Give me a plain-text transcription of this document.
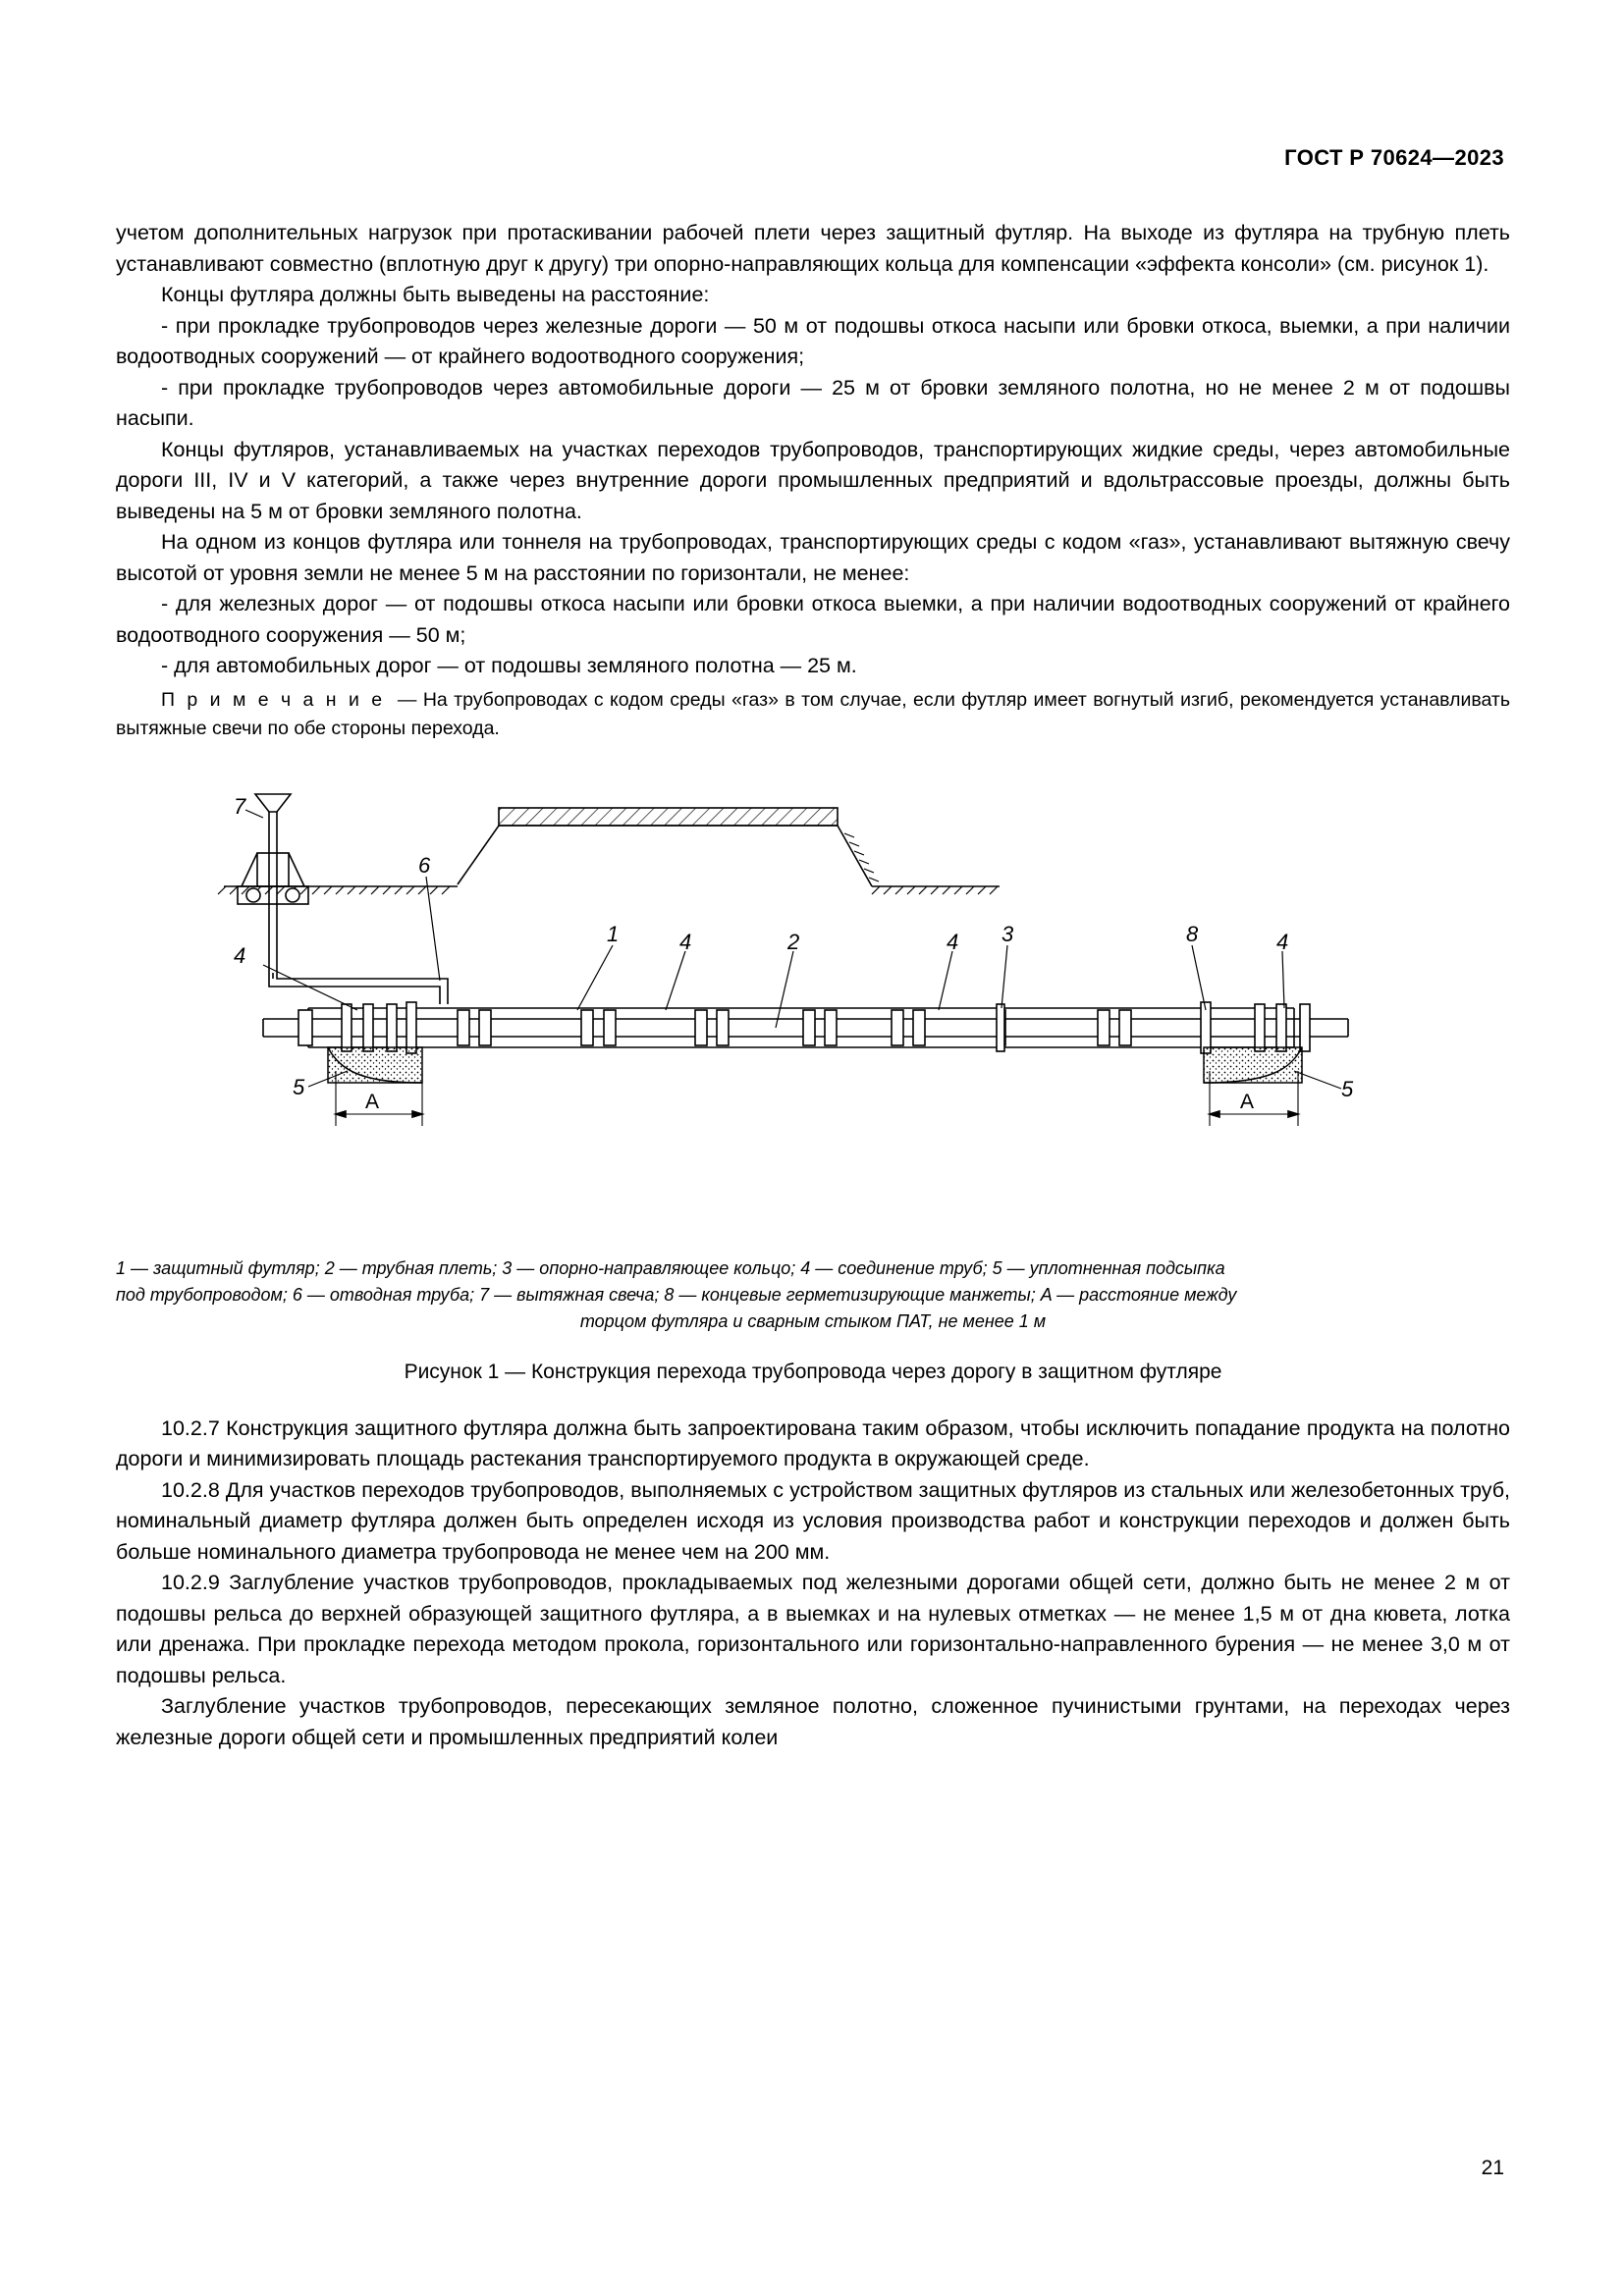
ГОСТ Р 70624—2023

учетом дополнительных нагрузок при протаскивании рабочей плети через защитный футляр. На выходе из футляра на трубную плеть устанавливают совместно (вплотную друг к другу) три опорно-направляющих кольца для компенсации «эффекта консоли» (см. рисунок 1).

Концы футляра должны быть выведены на расстояние:

- при прокладке трубопроводов через железные дороги — 50 м от подошвы откоса насыпи или бровки откоса, выемки, а при наличии водоотводных сооружений — от крайнего водоотводного сооружения;

- при прокладке трубопроводов через автомобильные дороги — 25 м от бровки земляного полотна, но не менее 2 м от подошвы насыпи.

Концы футляров, устанавливаемых на участках переходов трубопроводов, транспортирующих жидкие среды, через автомобильные дороги III, IV и V категорий, а также через внутренние дороги промышленных предприятий и вдольтрассовые проезды, должны быть выведены на 5 м от бровки земляного полотна.

На одном из концов футляра или тоннеля на трубопроводах, транспортирующих среды с кодом «газ», устанавливают вытяжную свечу высотой от уровня земли не менее 5 м на расстоянии по горизонтали, не менее:

- для железных дорог — от подошвы откоса насыпи или бровки откоса выемки, а при наличии водоотводных сооружений от крайнего водоотводного сооружения — 50 м;

- для автомобильных дорог — от подошвы земляного полотна — 25 м.

П р и м е ч а н и е — На трубопроводах с кодом среды «газ» в том случае, если футляр имеет вогнутый изгиб, рекомендуется устанавливать вытяжные свечи по обе стороны перехода.

7
6
4
1	4	2	4 3	8	4
5	5
A	A
1 — защитный футляр; 2 — трубная плеть; 3 — опорно-направляющее кольцо; 4 — соединение труб; 5 — уплотненная подсыпка
под трубопроводом; 6 — отводная труба; 7 — вытяжная свеча; 8 — концевые герметизирующие манжеты; A — расстояние между
торцом футляра и сварным стыком ПАТ, не менее 1 м
Рисунок 1 — Конструкция перехода трубопровода через дорогу в защитном футляре

10.2.7 Конструкция защитного футляра должна быть запроектирована таким образом, чтобы исключить попадание продукта на полотно дороги и минимизировать площадь растекания транспортируемого продукта в окружающей среде.

10.2.8 Для участков переходов трубопроводов, выполняемых с устройством защитных футляров из стальных или железобетонных труб, номинальный диаметр футляра должен быть определен исходя из условия производства работ и конструкции переходов и должен быть больше номинального диаметра трубопровода не менее чем на 200 мм.

10.2.9 Заглубление участков трубопроводов, прокладываемых под железными дорогами общей сети, должно быть не менее 2 м от подошвы рельса до верхней образующей защитного футляра, а в выемках и на нулевых отметках — не менее 1,5 м от дна кювета, лотка или дренажа. При прокладке перехода методом прокола, горизонтального или горизонтально-направленного бурения — не менее 3,0 м от подошвы рельса.

Заглубление участков трубопроводов, пересекающих земляное полотно, сложенное пучинистыми грунтами, на переходах через железные дороги общей сети и промышленных предприятий колеи

21
